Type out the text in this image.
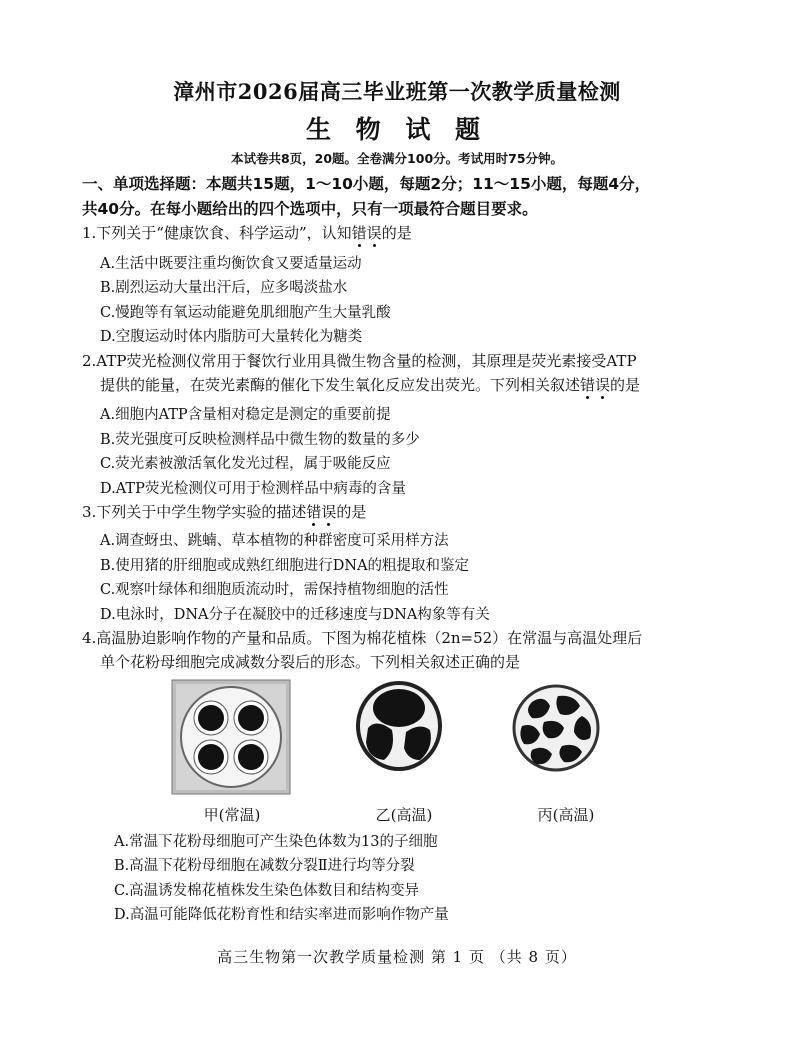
漳州市2026届高三毕业班第一次教学质量检测
生 物 试 题
本试卷共8页，20题。全卷满分100分。考试用时75分钟。
一、单项选择题：本题共15题，1～10小题，每题2分；11～15小题，每题4分，
共40分。在每小题给出的四个选项中，只有一项最符合题目要求。
1.下列关于“健康饮食、科学运动”，认知错误的是
A.生活中既要注重均衡饮食又要适量运动
B.剧烈运动大量出汗后，应多喝淡盐水
C.慢跑等有氧运动能避免肌细胞产生大量乳酸
D.空腹运动时体内脂肪可大量转化为糖类
2.ATP荧光检测仪常用于餐饮行业用具微生物含量的检测，其原理是荧光素接受ATP
提供的能量，在荧光素酶的催化下发生氧化反应发出荧光。下列相关叙述错误的是
A.细胞内ATP含量相对稳定是测定的重要前提
B.荧光强度可反映检测样品中微生物的数量的多少
C.荧光素被激活氧化发光过程，属于吸能反应
D.ATP荧光检测仪可用于检测样品中病毒的含量
3.下列关于中学生物学实验的描述错误的是
A.调查蚜虫、跳蝻、草本植物的种群密度可采用样方法
B.使用猪的肝细胞或成熟红细胞进行DNA的粗提取和鉴定
C.观察叶绿体和细胞质流动时，需保持植物细胞的活性
D.电泳时，DNA分子在凝胶中的迁移速度与DNA构象等有关
4.高温胁迫影响作物的产量和品质。下图为棉花植株（2n=52）在常温与高温处理后
单个花粉母细胞完成减数分裂后的形态。下列相关叙述正确的是
甲(常温)	乙(高温)	丙(高温)
A.常温下花粉母细胞可产生染色体数为13的子细胞
B.高温下花粉母细胞在减数分裂Ⅱ进行均等分裂
C.高温诱发棉花植株发生染色体数目和结构变异
D.高温可能降低花粉育性和结实率进而影响作物产量
高三生物第一次教学质量检测 第 1 页 （共 8 页）
